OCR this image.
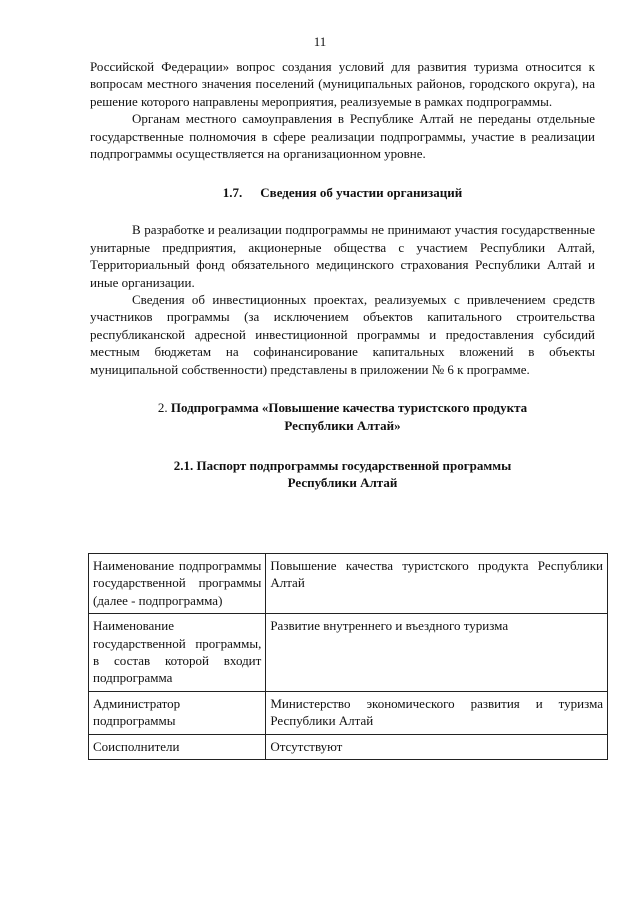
11

Российской Федерации» вопрос создания условий для развития туризма относится к вопросам местного значения поселений (муниципальных районов, городского округа), на решение которого направлены мероприятия, реализуемые в рамках подпрограммы.

Органам местного самоуправления в Республике Алтай не переданы отдельные государственные полномочия в сфере реализации подпрограммы, участие в реализации подпрограммы осуществляется на организационном уровне.

1.7. Сведения об участии организаций

В разработке и реализации подпрограммы не принимают участия государственные унитарные предприятия, акционерные общества с участием Республики Алтай, Территориальный фонд обязательного медицинского страхования Республики Алтай и иные организации.

Сведения об инвестиционных проектах, реализуемых с привлечением средств участников программы (за исключением объектов капитального строительства республиканской адресной инвестиционной программы и предоставления субсидий местным бюджетам на софинансирование капитальных вложений в объекты муниципальной собственности) представлены в приложении № 6 к программе.

2. Подпрограмма «Повышение качества туристского продукта
Республики Алтай»
2.1. Паспорт подпрограммы государственной программы
Республики Алтай
Наименование подпрограммы государственной программы (далее - подпрограмма)	Повышение качества туристского продукта Республики Алтай
Наименование государственной программы, в состав которой входит подпрограмма	Развитие внутреннего и въездного туризма
Администратор подпрограммы	Министерство экономического развития и туризма Республики Алтай
Соисполнители	Отсутствуют
